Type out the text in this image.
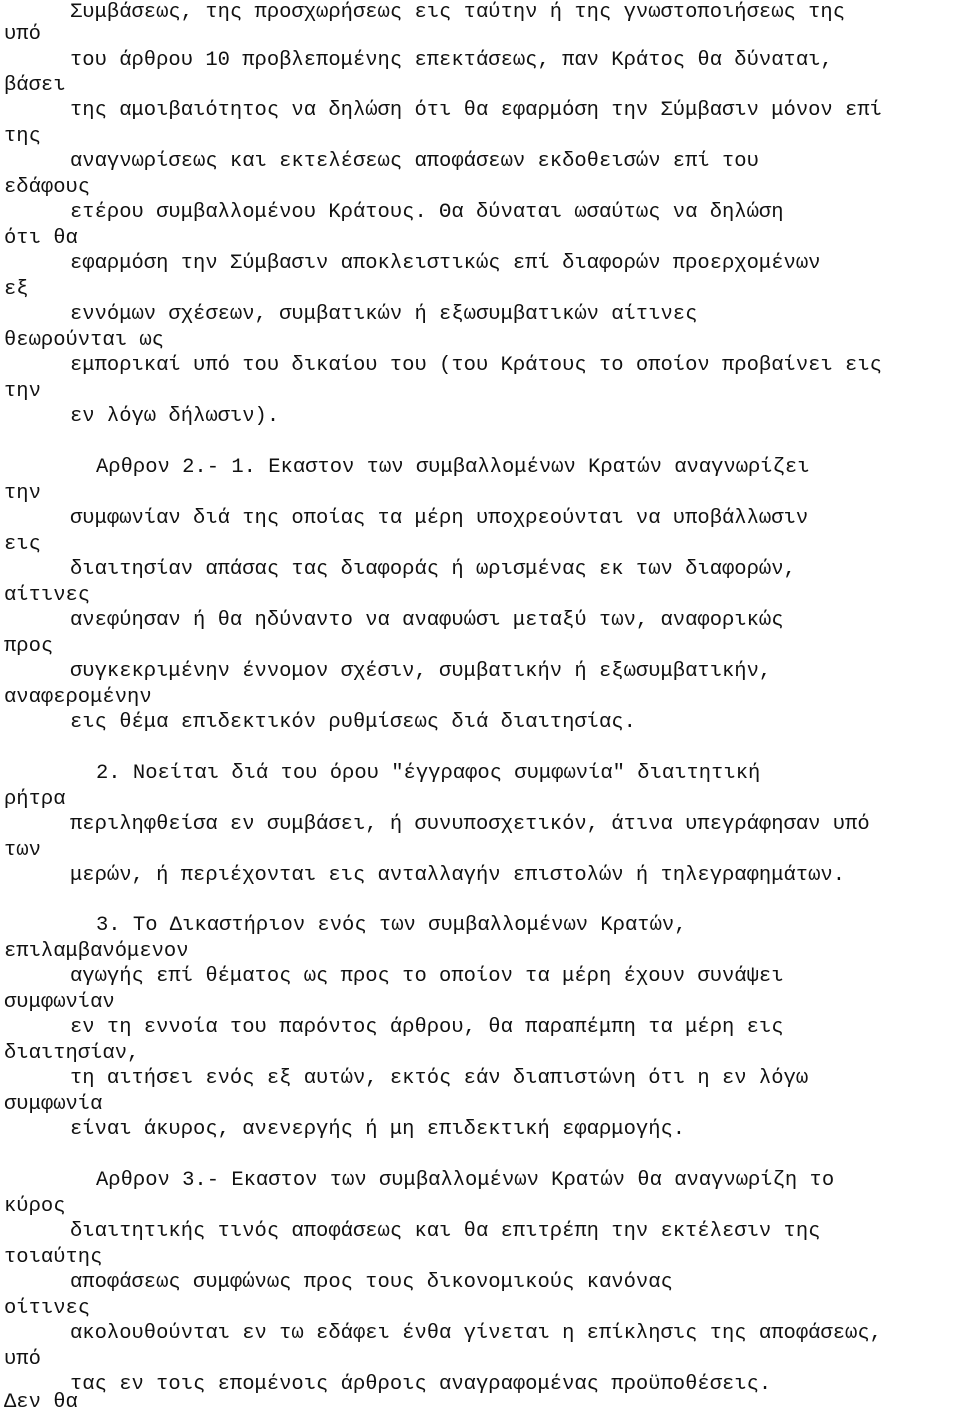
Συμβάσεως, της προσχωρήσεως εις ταύτην ή της γνωστοποιήσεως της
υπό
του άρθρου 10 προβλεπομένης επεκτάσεως, παν Κράτος θα δύναται,
βάσει
της αμοιβαιότητος να δηλώση ότι θα εφαρμόση την Σύμβασιν μόνον επί
της
αναγνωρίσεως και εκτελέσεως αποφάσεων εκδοθεισών επί του
εδάφους
ετέρου συμβαλλομένου Κράτους. Θα δύναται ωσαύτως να δηλώση
ότι θα
εφαρμόση την Σύμβασιν αποκλειστικώς επί διαφορών προερχομένων
εξ
εννόμων σχέσεων, συμβατικών ή εξωσυμβατικών αίτινες
θεωρούνται ως
εμπορικαί υπό του δικαίου του (του Κράτους το οποίον προβαίνει εις
την
εν λόγω δήλωσιν).
Αρθρον 2.- 1. Εκαστον των συμβαλλομένων Κρατών αναγνωρίζει
την
συμφωνίαν διά της οποίας τα μέρη υποχρεούνται να υποβάλλωσιν
εις
διαιτησίαν απάσας τας διαφοράς ή ωρισμένας εκ των διαφορών,
αίτινες
ανεφύησαν ή θα ηδύναντο να αναφυώσι μεταξύ των, αναφορικώς
προς
συγκεκριμένην έννομον σχέσιν, συμβατικήν ή εξωσυμβατικήν,
αναφερομένην
εις θέμα επιδεκτικόν ρυθμίσεως διά διαιτησίας.
2. Νοείται διά του όρου "έγγραφος συμφωνία" διαιτητική
ρήτρα
περιληφθείσα εν συμβάσει, ή συνυποσχετικόν, άτινα υπεγράφησαν υπό
των
μερών, ή περιέχονται εις ανταλλαγήν επιστολών ή τηλεγραφημάτων.
3. Το Δικαστήριον ενός των συμβαλλομένων Κρατών,
επιλαμβανόμενον
αγωγής επί θέματος ως προς το οποίον τα μέρη έχουν συνάψει
συμφωνίαν
εν τη εννοία του παρόντος άρθρου, θα παραπέμπη τα μέρη εις
διαιτησίαν,
τη αιτήσει ενός εξ αυτών, εκτός εάν διαπιστώνη ότι η εν λόγω
συμφωνία
είναι άκυρος, ανενεργής ή μη επιδεκτική εφαρμογής.
Αρθρον 3.- Εκαστον των συμβαλλομένων Κρατών θα αναγνωρίζη το
κύρος
διαιτητικής τινός αποφάσεως και θα επιτρέπη την εκτέλεσιν της
τοιαύτης
αποφάσεως συμφώνως προς τους δικονομικούς κανόνας
οίτινες
ακολουθούνται εν τω εδάφει ένθα γίνεται η επίκλησις της αποφάσεως,
υπό
τας εν τοις επομένοις άρθροις αναγραφομένας προϋποθέσεις.
Δεν θα
